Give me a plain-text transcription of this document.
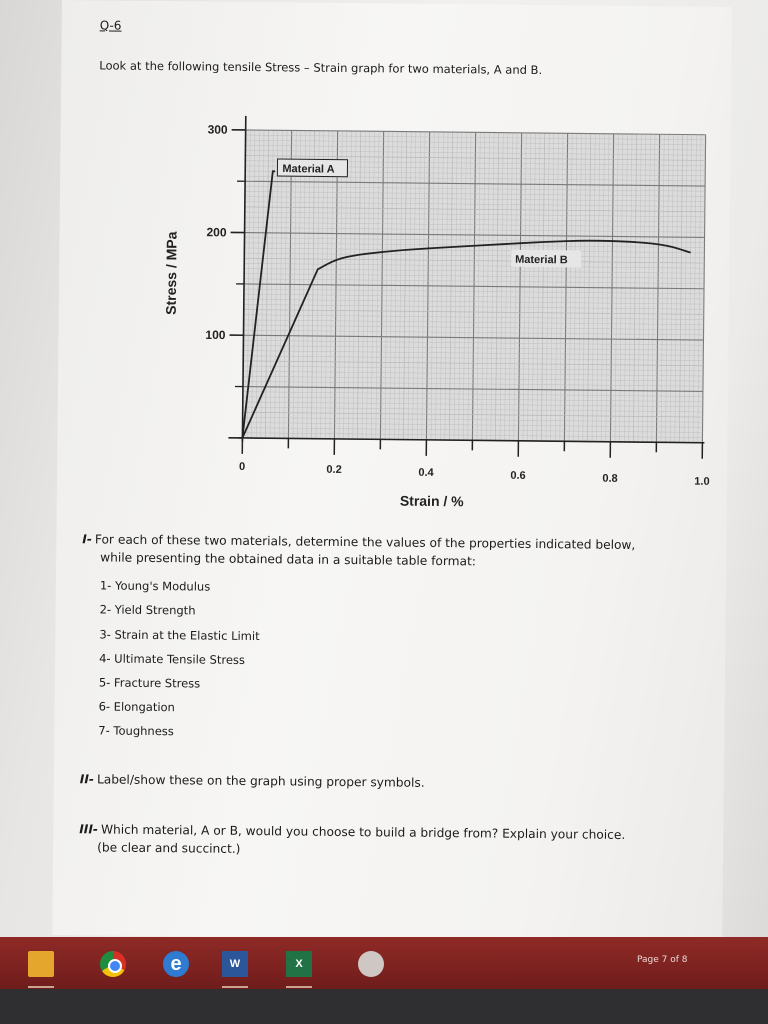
Q-6
Look at the following tensile Stress – Strain graph for two materials, A and B.
100
200
300
0	0.2	0.4	0.6	0.8	1.0
Material A
Material B
Strain / %
Stress / MPa
I- For each of these two materials, determine the values of the properties indicated below,
while presenting the obtained data in a suitable table format:
1- Young's Modulus
2- Yield Strength
3- Strain at the Elastic Limit
4- Ultimate Tensile Stress
5- Fracture Stress
6- Elongation
7- Toughness
II- Label/show these on the graph using proper symbols.
III- Which material, A or B, would you choose to build a bridge from? Explain your choice.
(be clear and succinct.)
e	W	X	Page 7 of 8
